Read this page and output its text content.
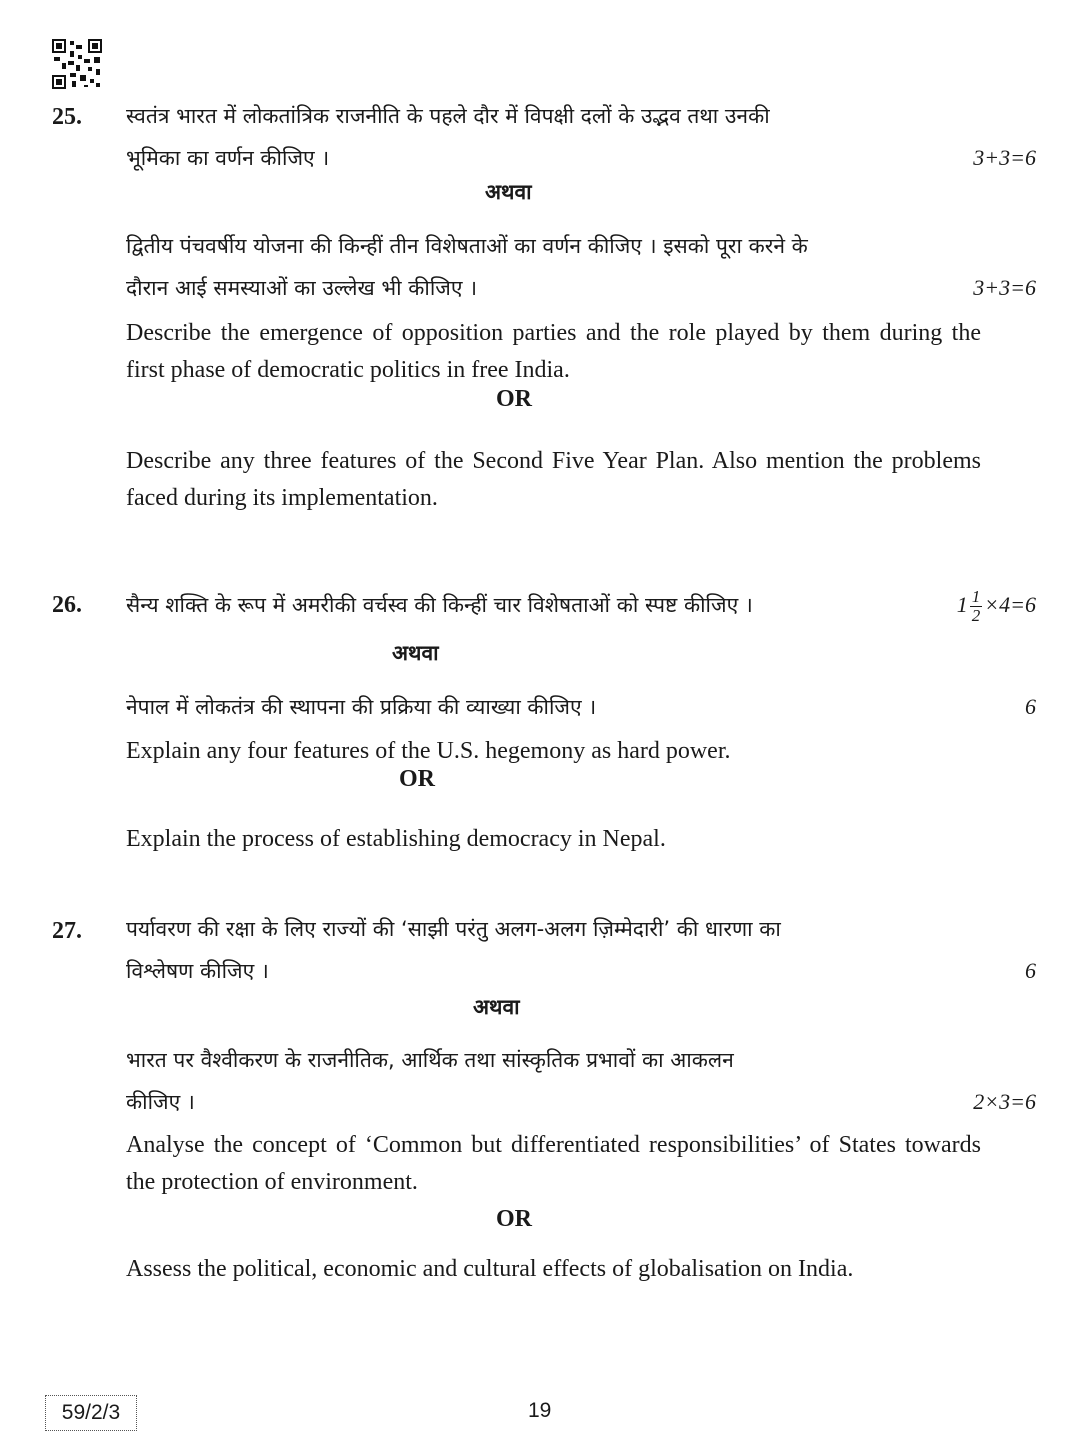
25. स्वतंत्र भारत में लोकतांत्रिक राजनीति के पहले दौर में विपक्षी दलों के उद्भव तथा उनकी
भूमिका का वर्णन कीजिए ।	3+3=6
अथवा
द्वितीय पंचवर्षीय योजना की किन्हीं तीन विशेषताओं का वर्णन कीजिए । इसको पूरा करने के
दौरान आई समस्याओं का उल्लेख भी कीजिए ।	3+3=6
Describe the emergence of opposition parties and the role played by them during the first phase of democratic politics in free India.
OR
Describe any three features of the Second Five Year Plan. Also mention the problems faced during its implementation.
26. सैन्य शक्ति के रूप में अमरीकी वर्चस्व की किन्हीं चार विशेषताओं को स्पष्ट कीजिए ।	$1 \frac{1}{2} \times 4=6$
अथवा
नेपाल में लोकतंत्र की स्थापना की प्रक्रिया की व्याख्या कीजिए ।	6
Explain any four features of the U.S. hegemony as hard power.
OR
Explain the process of establishing democracy in Nepal.
27. पर्यावरण की रक्षा के लिए राज्यों की ‘साझी परंतु अलग-अलग ज़िम्मेदारी’ की धारणा का
विश्लेषण कीजिए ।	6
अथवा
भारत पर वैश्वीकरण के राजनीतिक, आर्थिक तथा सांस्कृतिक प्रभावों का आकलन
कीजिए ।	2×3=6
Analyse the concept of ‘Common but differentiated responsibilities’ of States towards the protection of environment.
OR
Assess the political, economic and cultural effects of globalisation on India.
59/2/3	19
